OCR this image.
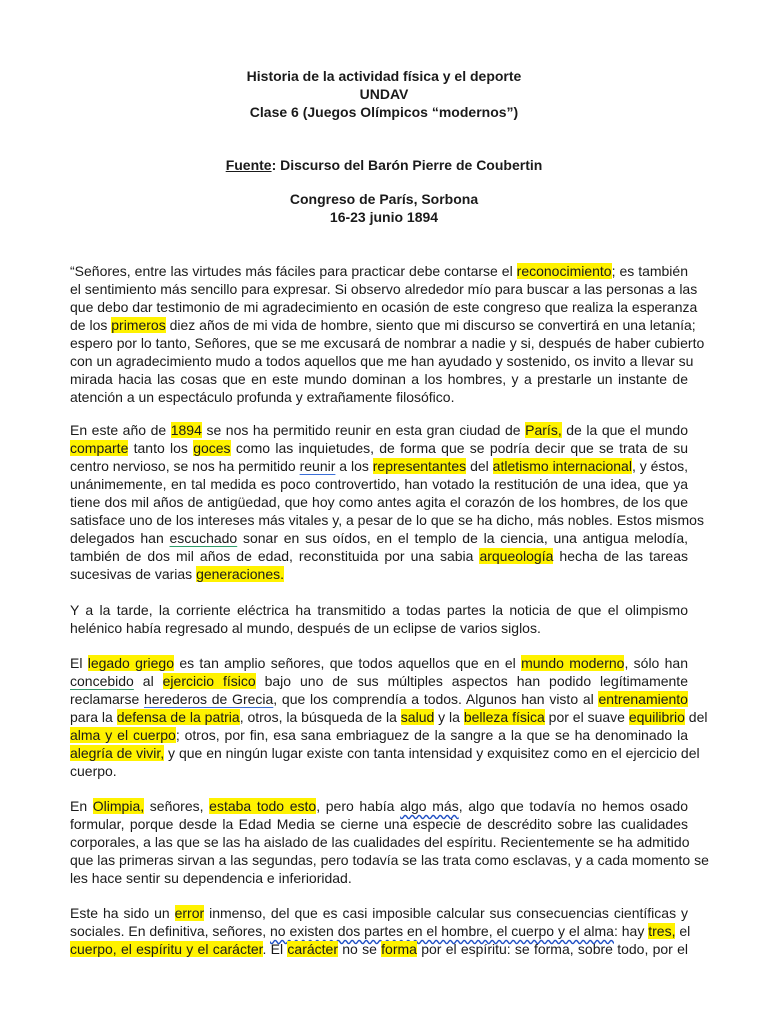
Historia de la actividad física y el deporte
UNDAV
Clase 6 (Juegos Olímpicos “modernos”)
Fuente: Discurso del Barón Pierre de Coubertin
Congreso de París, Sorbona
16-23 junio 1894
“Señores, entre las virtudes más fáciles para practicar debe contarse el reconocimiento; es también
el sentimiento más sencillo para expresar. Si observo alrededor mío para buscar a las personas a las
que debo dar testimonio de mi agradecimiento en ocasión de este congreso que realiza la esperanza
de los primeros diez años de mi vida de hombre, siento que mi discurso se convertirá en una letanía;
espero por lo tanto, Señores, que se me excusará de nombrar a nadie y si, después de haber cubierto
con un agradecimiento mudo a todos aquellos que me han ayudado y sostenido, os invito a llevar su
mirada hacia las cosas que en este mundo dominan a los hombres, y a prestarle un instante de
atención a un espectáculo profunda y extrañamente filosófico.
En este año de 1894 se nos ha permitido reunir en esta gran ciudad de París, de la que el mundo
comparte tanto los goces como las inquietudes, de forma que se podría decir que se trata de su
centro nervioso, se nos ha permitido reunir a los representantes del atletismo internacional, y éstos,
unánimemente, en tal medida es poco controvertido, han votado la restitución de una idea, que ya
tiene dos mil años de antigüedad, que hoy como antes agita el corazón de los hombres, de los que
satisface uno de los intereses más vitales y, a pesar de lo que se ha dicho, más nobles. Estos mismos
delegados han escuchado sonar en sus oídos, en el templo de la ciencia, una antigua melodía,
también de dos mil años de edad, reconstituida por una sabia arqueología hecha de las tareas
sucesivas de varias generaciones.
Y a la tarde, la corriente eléctrica ha transmitido a todas partes la noticia de que el olimpismo
helénico había regresado al mundo, después de un eclipse de varios siglos.
El legado griego es tan amplio señores, que todos aquellos que en el mundo moderno, sólo han
concebido al ejercicio físico bajo uno de sus múltiples aspectos han podido legítimamente
reclamarse herederos de Grecia, que los comprendía a todos. Algunos han visto al entrenamiento
para la defensa de la patria, otros, la búsqueda de la salud y la belleza física por el suave equilibrio del
alma y el cuerpo; otros, por fin, esa sana embriaguez de la sangre a la que se ha denominado la
alegría de vivir, y que en ningún lugar existe con tanta intensidad y exquisitez como en el ejercicio del
cuerpo.
En Olimpia, señores, estaba todo esto, pero había algo más, algo que todavía no hemos osado
formular, porque desde la Edad Media se cierne una especie de descrédito sobre las cualidades
corporales, a las que se las ha aislado de las cualidades del espíritu. Recientemente se ha admitido
que las primeras sirvan a las segundas, pero todavía se las trata como esclavas, y a cada momento se
les hace sentir su dependencia e inferioridad.
Este ha sido un error inmenso, del que es casi imposible calcular sus consecuencias científicas y
sociales. En definitiva, señores, no existen dos partes en el hombre, el cuerpo y el alma: hay tres, el
cuerpo, el espíritu y el carácter. El carácter no se forma por el espíritu: se forma, sobre todo, por el
